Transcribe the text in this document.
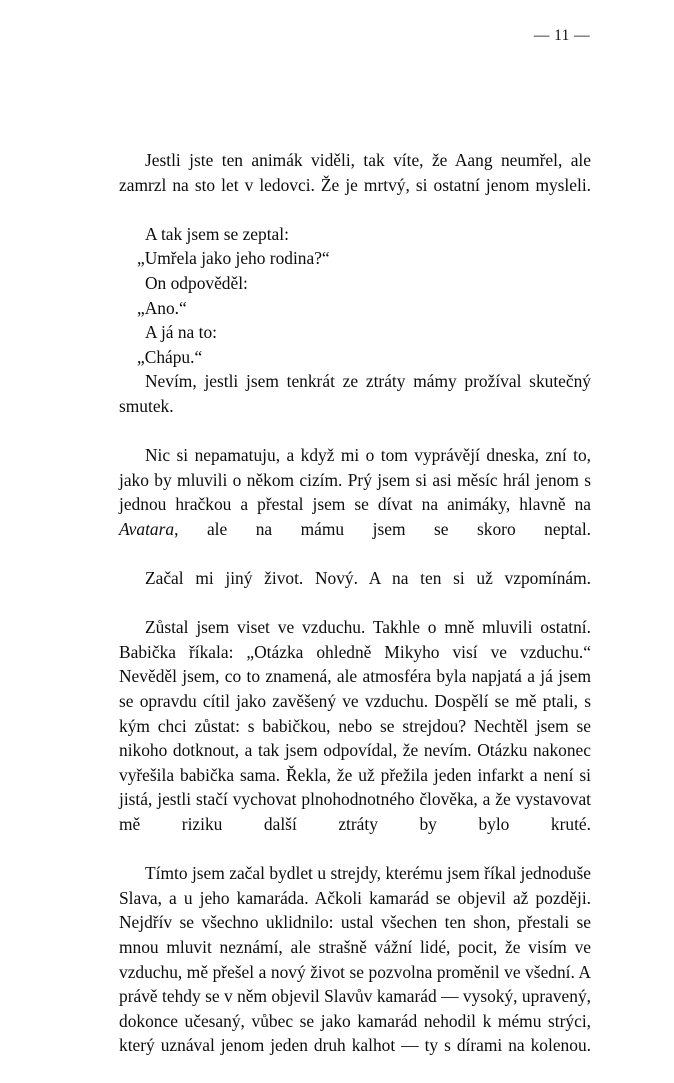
— 11 —

Jestli jste ten animák viděli, tak víte, že Aang neumřel, ale zamrzl na sto let v ledovci. Že je mrtvý, si ostatní jenom mysleli.

A tak jsem se zeptal:

„Umřela jako jeho rodina?“

On odpověděl:

„Ano.“

A já na to:

„Chápu.“

Nevím, jestli jsem tenkrát ze ztráty mámy prožíval skutečný smutek.

Nic si nepamatuju, a když mi o tom vyprávějí dneska, zní to, jako by mluvili o někom cizím. Prý jsem si asi měsíc hrál jenom s jednou hračkou a přestal jsem se dívat na animáky, hlavně na Avatara, ale na mámu jsem se skoro neptal.

Začal mi jiný život. Nový. A na ten si už vzpomínám.

Zůstal jsem viset ve vzduchu. Takhle o mně mluvili ostatní. Babička říkala: „Otázka ohledně Mikyho visí ve vzduchu.“ Nevěděl jsem, co to znamená, ale atmosféra byla napjatá a já jsem se opravdu cítil jako zavěšený ve vzduchu. Dospělí se mě ptali, s kým chci zůstat: s babičkou, nebo se strejdou? Nechtěl jsem se nikoho dotknout, a tak jsem odpovídal, že nevím. Otázku nakonec vyřešila babička sama. Řekla, že už přežila jeden infarkt a není si jistá, jestli stačí vychovat plnohodnotného člověka, a že vystavovat mě riziku další ztráty by bylo kruté.

Tímto jsem začal bydlet u strejdy, kterému jsem říkal jednoduše Slava, a u jeho kamaráda. Ačkoli kamarád se objevil až později. Nejdřív se všechno uklidnilo: ustal všechen ten shon, přestali se mnou mluvit neznámí, ale strašně vážní lidé, pocit, že visím ve vzduchu, mě přešel a nový život se pozvolna proměnil ve všední. A právě tehdy se v něm objevil Slavův kamarád — vysoký, upravený, dokonce učesaný, vůbec se jako kamarád nehodil k mému strýci, který uznával jenom jeden druh kalhot — ty s dírami na kolenou.
